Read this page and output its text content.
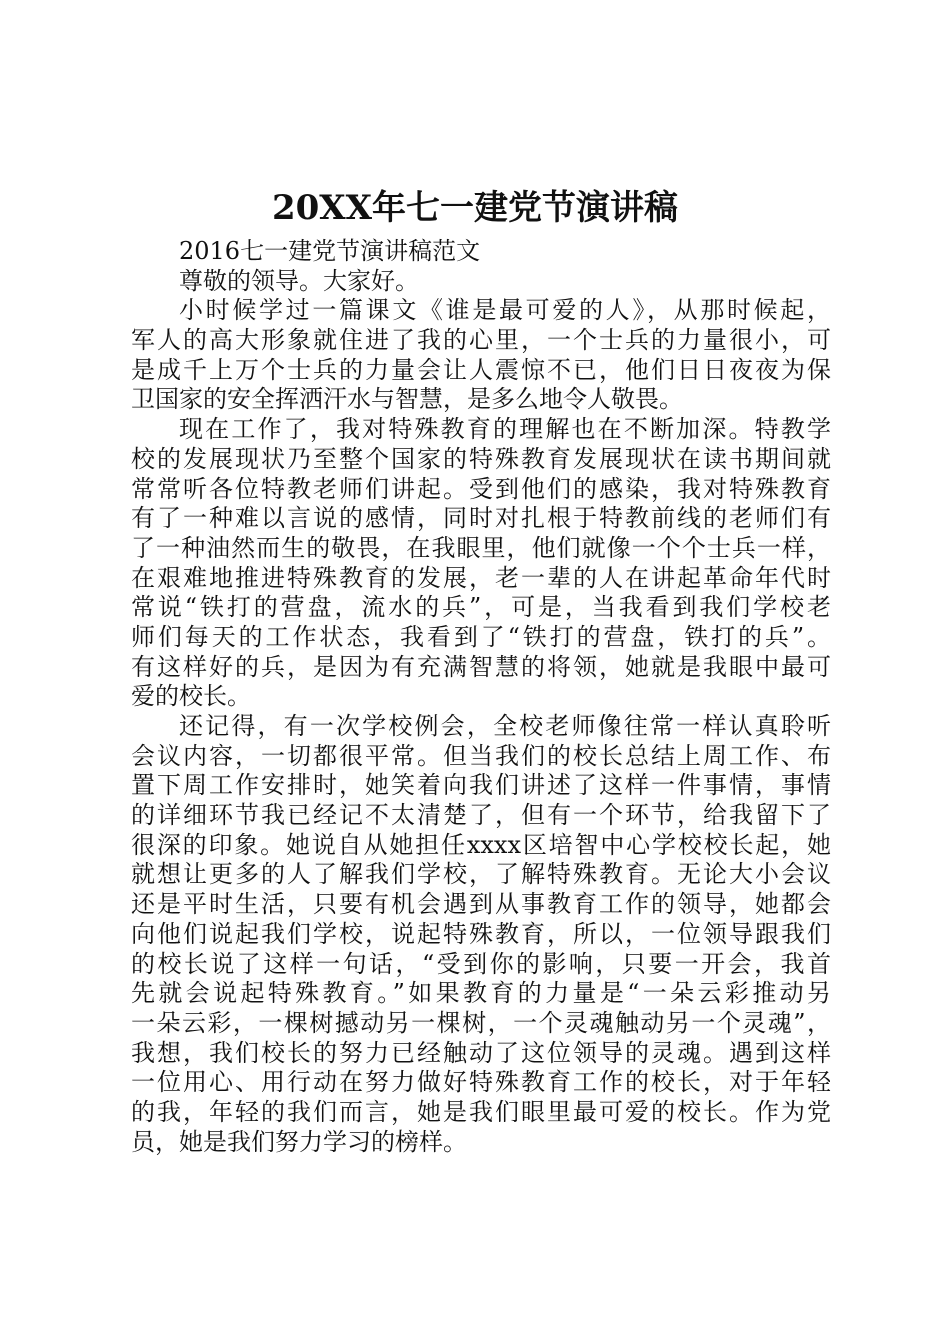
20XX年七一建党节演讲稿
2016七一建党节演讲稿范文
尊敬的领导。大家好。
小时候学过一篇课文《谁是最可爱的人》，从那时候起，
军人的高大形象就住进了我的心里，一个士兵的力量很小，可
是成千上万个士兵的力量会让人震惊不已，他们日日夜夜为保
卫国家的安全挥洒汗水与智慧，是多么地令人敬畏。
现在工作了，我对特殊教育的理解也在不断加深。特教学
校的发展现状乃至整个国家的特殊教育发展现状在读书期间就
常常听各位特教老师们讲起。受到他们的感染，我对特殊教育
有了一种难以言说的感情，同时对扎根于特教前线的老师们有
了一种油然而生的敬畏，在我眼里，他们就像一个个士兵一样，
在艰难地推进特殊教育的发展，老一辈的人在讲起革命年代时
常说“铁打的营盘，流水的兵”，可是，当我看到我们学校老
师们每天的工作状态，我看到了“铁打的营盘，铁打的兵”。
有这样好的兵，是因为有充满智慧的将领，她就是我眼中最可
爱的校长。
还记得，有一次学校例会，全校老师像往常一样认真聆听
会议内容，一切都很平常。但当我们的校长总结上周工作、布
置下周工作安排时，她笑着向我们讲述了这样一件事情，事情
的详细环节我已经记不太清楚了，但有一个环节，给我留下了
很深的印象。她说自从她担任xxxx区培智中心学校校长起，她
就想让更多的人了解我们学校，了解特殊教育。无论大小会议
还是平时生活，只要有机会遇到从事教育工作的领导，她都会
向他们说起我们学校，说起特殊教育，所以，一位领导跟我们
的校长说了这样一句话，“受到你的影响，只要一开会，我首
先就会说起特殊教育。”如果教育的力量是“一朵云彩推动另
一朵云彩，一棵树撼动另一棵树，一个灵魂触动另一个灵魂”，
我想，我们校长的努力已经触动了这位领导的灵魂。遇到这样
一位用心、用行动在努力做好特殊教育工作的校长，对于年轻
的我，年轻的我们而言，她是我们眼里最可爱的校长。作为党
员，她是我们努力学习的榜样。
